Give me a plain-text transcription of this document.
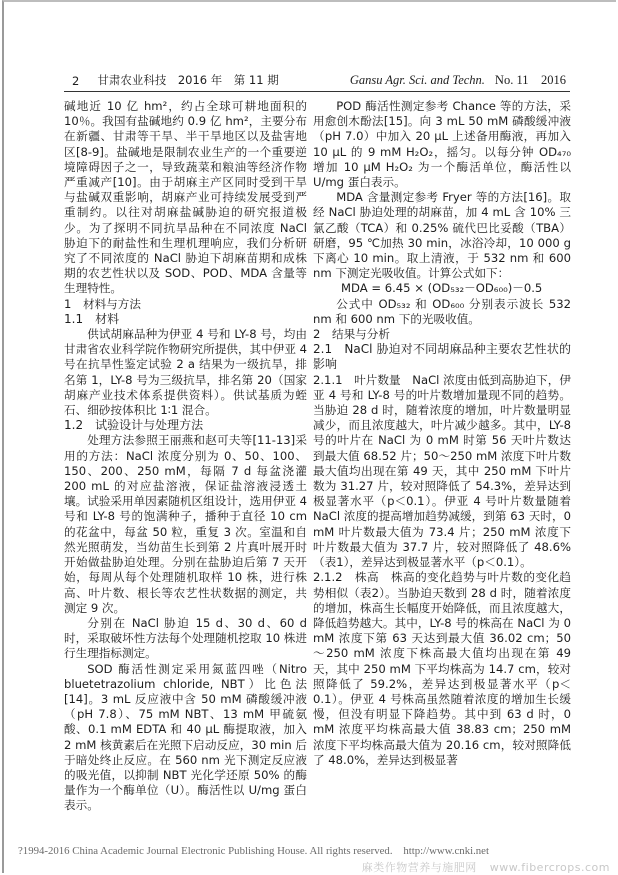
2 甘肃农业科技　2016 年　第 11 期	Gansu Agr. Sci. and Techn. No. 11　2016

碱地近 10 亿 hm²，约占全球可耕地面积的 10％。我国有盐碱地约 0.9 亿 hm²，主要分布在新疆、甘肃等干旱、半干旱地区以及盐害地区[8-9]。盐碱地是限制农业生产的一个重要逆境障碍因子之一，导致蔬菜和粮油等经济作物严重减产[10]。由于胡麻主产区同时受到干旱与盐碱双重影响，胡麻产业可持续发展受到严重制约。以往对胡麻盐碱胁迫的研究报道极少。为了探明不同抗旱品种在不同浓度 NaCl 胁迫下的耐盐性和生理机理响应，我们分析研究了不同浓度的 NaCl 胁迫下胡麻苗期和成株期的农艺性状以及 SOD、POD、MDA 含量等生理特性。

1　材料与方法

1.1　材料

供试胡麻品种为伊亚 4 号和 LY-8 号，均由甘肃省农业科学院作物研究所提供，其中伊亚 4 号在抗旱性鉴定试验 2 a 结果为一级抗旱，排名第 1，LY-8 号为三级抗旱，排名第 20（国家胡麻产业技术体系提供资料）。供试基质为蛭石、细砂按体积比 1∶1 混合。

1.2　试验设计与处理方法

处理方法参照王丽燕和赵可夫等[11-13]采用的方法：NaCl 浓度分别为 0、50、100、150、200、250 mM，每隔 7 d 每盆浇灌 200 mL 的对应盐溶液，保证盐溶液浸透土壤。试验采用单因素随机区组设计，选用伊亚 4 号和 LY-8 号的饱满种子，播种于直径 10 cm 的花盆中，每盆 50 粒，重复 3 次。室温和自然光照萌发，当幼苗生长到第 2 片真叶展开时开始做盐胁迫处理。分别在盐胁迫后第 7 天开始，每周从每个处理随机取样 10 株，进行株高、叶片数、根长等农艺性状数据的测定，共测定 9 次。

分别在 NaCl 胁迫 15 d、30 d、60 d 时，采取破坏性方法每个处理随机挖取 10 株进行生理指标测定。

SOD 酶活性测定采用氮蓝四唑（Nitro bluetetrazolium chloride, NBT）比色法[14]。3 mL 反应液中含 50 mM 磷酸缓冲液（pH 7.8）、75 mM NBT、13 mM 甲硫氨酸、0.1 mM EDTA 和 40 μL 酶提取液，加入 2 mM 核黄素后在光照下启动反应，30 min 后于暗处终止反应。在 560 nm 光下测定反应液的吸光值，以抑制 NBT 光化学还原 50% 的酶量作为一个酶单位（U）。酶活性以 U/mg 蛋白表示。

POD 酶活性测定参考 Chance 等的方法，采用愈创木酚法[15]。向 3 mL 50 mM 磷酸缓冲液（pH 7.0）中加入 20 μL 上述备用酶液，再加入 10 μL 的 9 mM H₂O₂，摇匀。以每分钟 OD₄₇₀ 增加 10 μM H₂O₂ 为一个酶活单位，酶活性以 U/mg 蛋白表示。

MDA 含量测定参考 Fryer 等的方法[16]。取经 NaCl 胁迫处理的胡麻苗，加 4 mL 含 10% 三氯乙酸（TCA）和 0.25% 硫代巴比妥酸（TBA）研磨，95 ℃加热 30 min，冰浴冷却，10 000 g 下离心 10 min。取上清液，于 532 nm 和 600 nm 下测定光吸收值。计算公式如下：

MDA = 6.45 × (OD₅₃₂－OD₆₀₀)－0.5

公式中 OD₅₃₂ 和 OD₆₀₀ 分别表示波长 532 nm 和 600 nm 下的光吸收值。

2　结果与分析

2.1　NaCl 胁迫对不同胡麻品种主要农艺性状的影响

2.1.1　叶片数量　NaCl 浓度由低到高胁迫下，伊亚 4 号和 LY-8 号的叶片数增加量现不同的趋势。当胁迫 28 d 时，随着浓度的增加，叶片数量明显减少，而且浓度越大，叶片减少越多。其中，LY-8 号的叶片在 NaCl 为 0 mM 时第 56 天叶片数达到最大值 68.52 片；50～250 mM 浓度下叶片数最大值均出现在第 49 天，其中 250 mM 下叶片数为 31.27 片，较对照降低了 54.3%，差异达到极显著水平（p＜0.1）。伊亚 4 号叶片数量随着 NaCl 浓度的提高增加趋势减缓，到第 63 天时，0 mM 叶片数最大值为 73.4 片；250 mM 浓度下叶片数最大值为 37.7 片，较对照降低了 48.6%（表1），差异达到极显著水平（p＜0.1）。

2.1.2　株高　株高的变化趋势与叶片数的变化趋势相似（表2）。当胁迫天数到 28 d 时，随着浓度的增加，株高生长幅度开始降低，而且浓度越大，降低趋势越大。其中，LY-8 号的株高在 NaCl 为 0 mM 浓度下第 63 天达到最大值 36.02 cm；50～250 mM 浓度下株高最大值均出现在第 49 天，其中 250 mM 下平均株高为 14.7 cm，较对照降低了 59.2%，差异达到极显著水平（p＜0.1）。伊亚 4 号株高虽然随着浓度的增加生长缓慢，但没有明显下降趋势。其中到 63 d 时，0 mM 浓度平均株高最大值 38.83 cm；250 mM 浓度下平均株高最大值为 20.16 cm，较对照降低了 48.0%，差异达到极显著

?1994-2016 China Academic Journal Electronic Publishing House. All rights reserved.　http://www.cnki.net
麻类作物营养与施肥网 www.fibercrops.com
